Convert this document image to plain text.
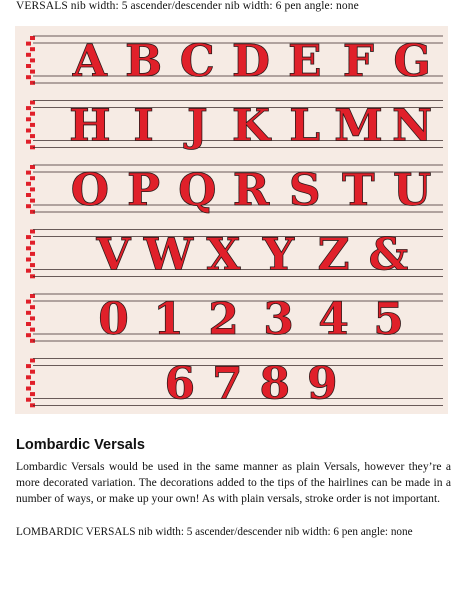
VERSALS nib width: 5 ascender/descender nib width: 6 pen angle: none
A B C D E F G
H I J K L M N
O P Q R S T U
V W X Y Z &
0 1 2 3 4 5
6 7 8 9
Lombardic Versals
Lombardic Versals would be used in the same manner as plain Versals, however they’re a more decorated variation. The decorations added to the tips of the hairlines can be made in a number of ways, or make up your own! As with plain versals, stroke order is not important.
LOMBARDIC VERSALS nib width: 5 ascender/descender nib width: 6 pen angle: none
